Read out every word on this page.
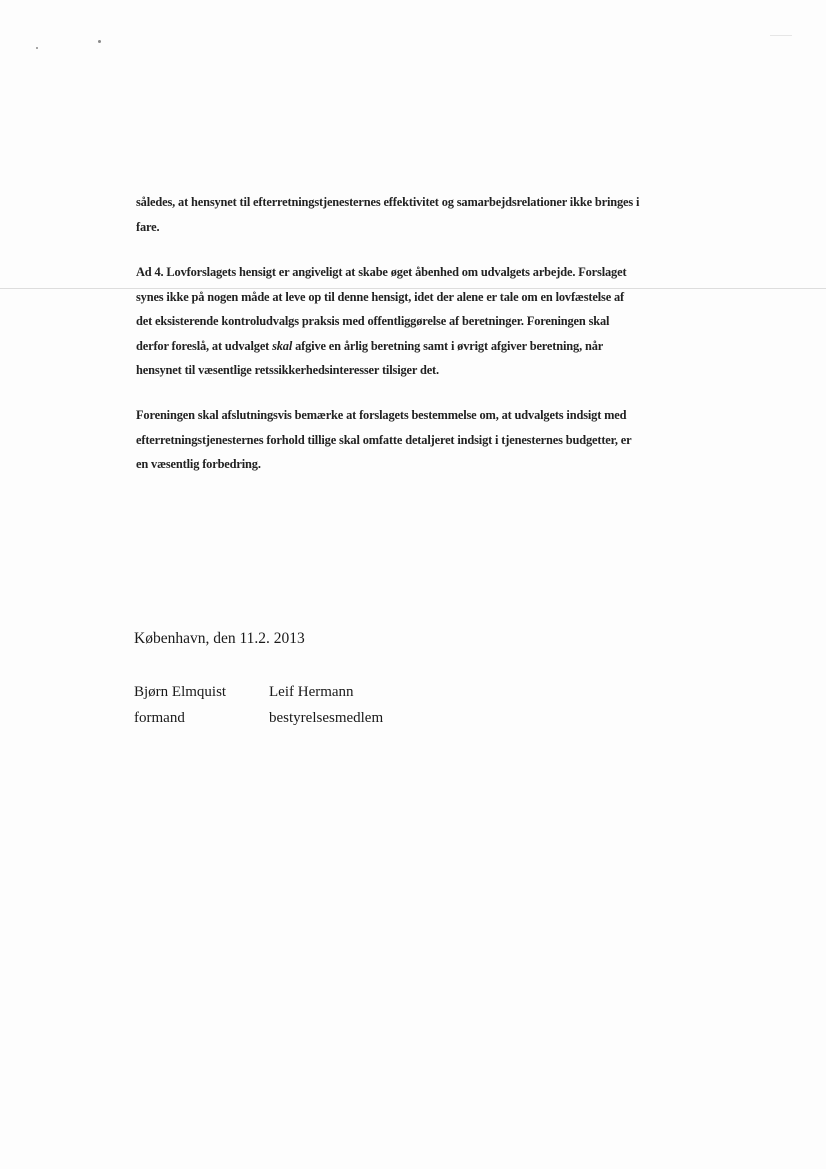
således, at hensynet til efterretningstjenesternes effektivitet og samarbejdsrelationer ikke bringes i
fare.
Ad 4. Lovforslagets hensigt er angiveligt at skabe øget åbenhed om udvalgets arbejde. Forslaget
synes ikke på nogen måde at leve op til denne hensigt, idet der alene er tale om en lovfæstelse af
det eksisterende kontroludvalgs praksis med offentliggørelse af beretninger. Foreningen skal
derfor foreslå, at udvalget skal afgive en årlig beretning samt i øvrigt afgiver beretning, når
hensynet til væsentlige retssikkerhedsinteresser tilsiger det.
Foreningen skal afslutningsvis bemærke at forslagets bestemmelse om, at udvalgets indsigt med
efterretningstjenesternes forhold tillige skal omfatte detaljeret indsigt i tjenesternes budgetter, er
en væsentlig forbedring.
København, den 11.2. 2013
Bjørn Elmquist
formand
Leif Hermann
bestyrelsesmedlem
